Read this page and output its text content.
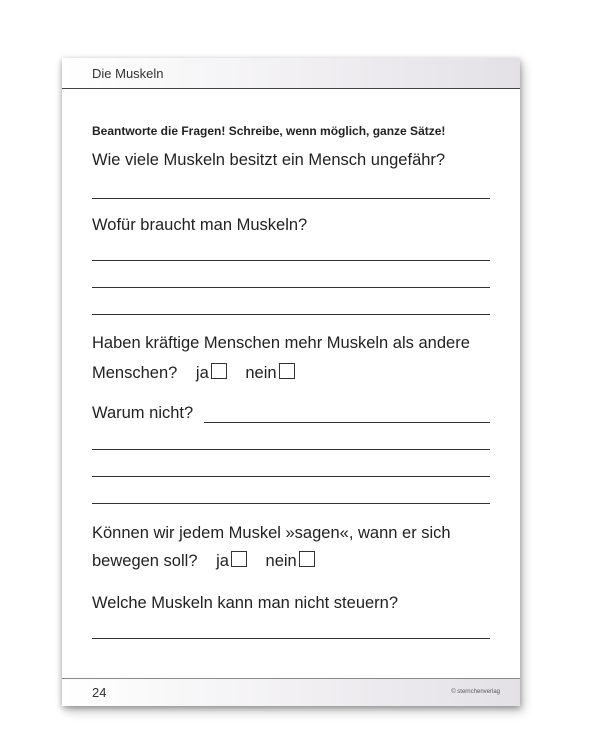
Die Muskeln
Beantworte die Fragen! Schreibe, wenn möglich, ganze Sätze!
Wie viele Muskeln besitzt ein Mensch ungefähr?
Wofür braucht man Muskeln?
Haben kräftige Menschen mehr Muskeln als andere
Menschen? ja nein
Warum nicht?
Können wir jedem Muskel »sagen«, wann er sich
bewegen soll? ja nein
Welche Muskeln kann man nicht steuern?
24	© sternchenverlag
